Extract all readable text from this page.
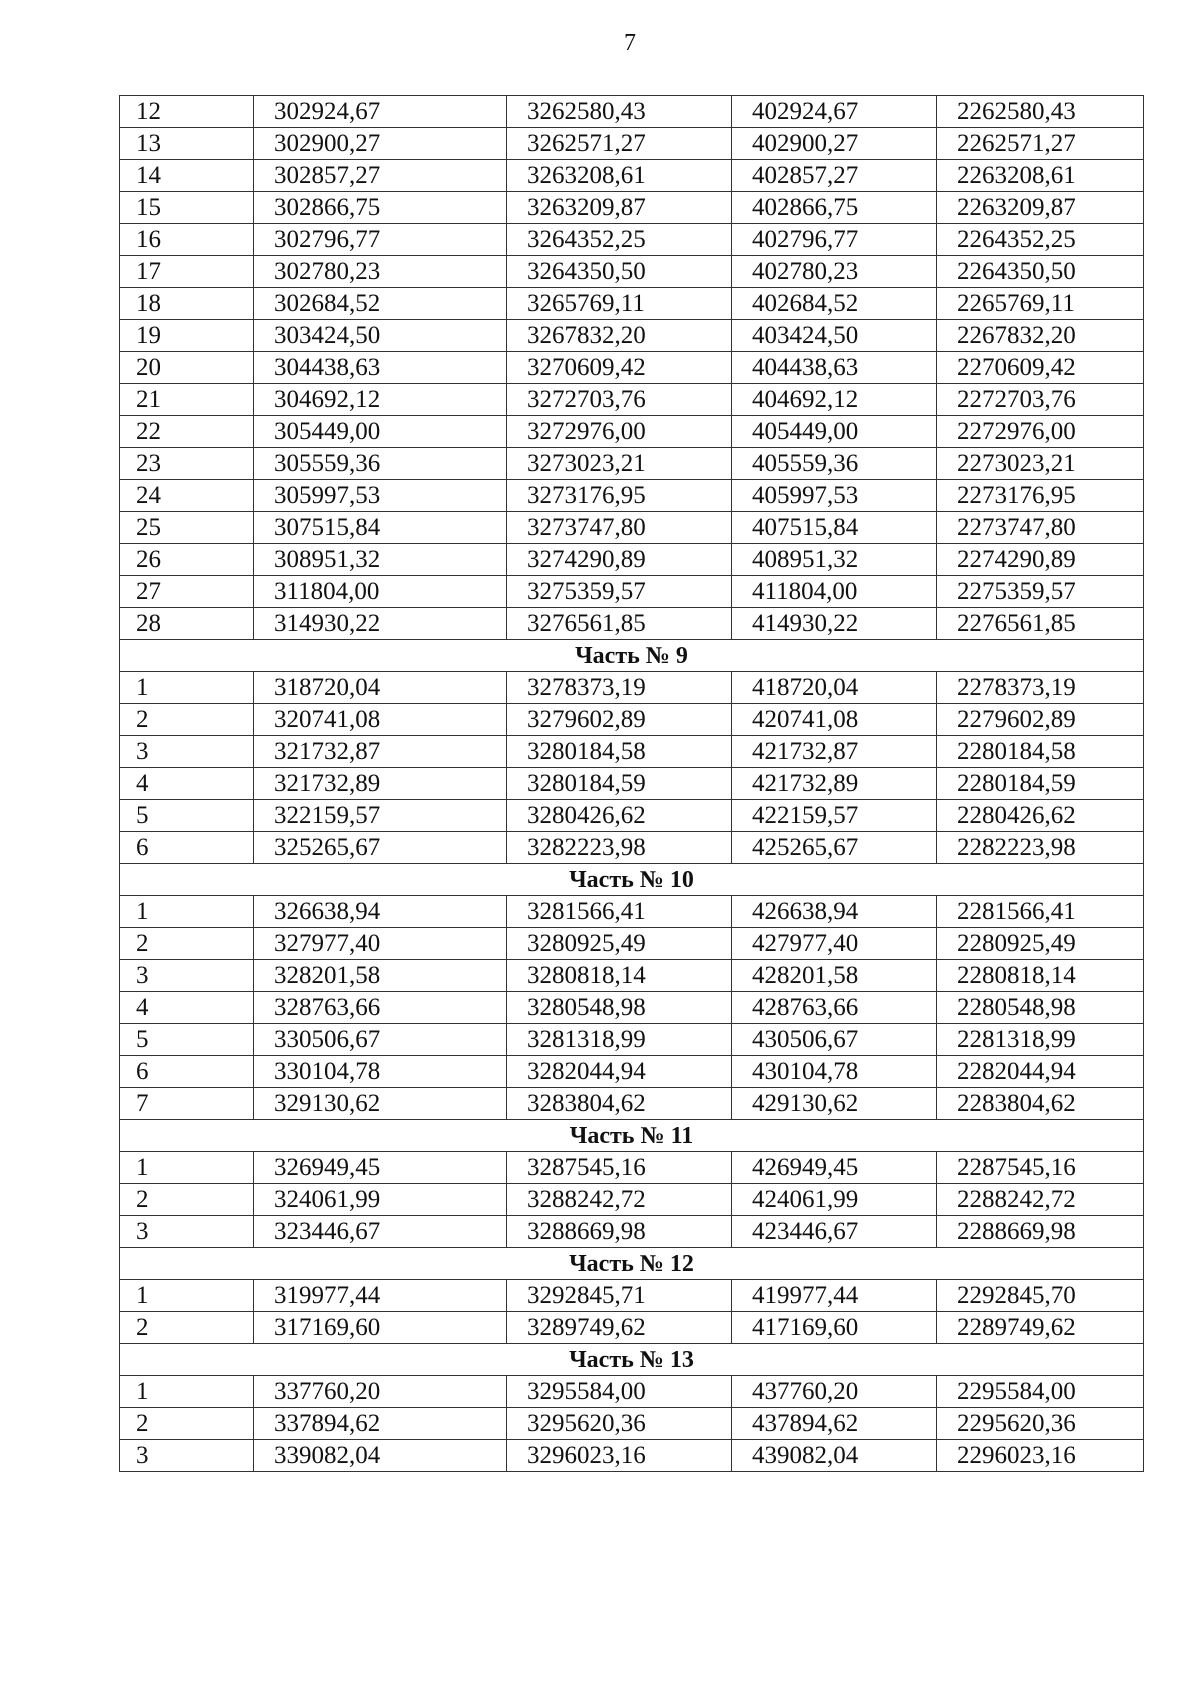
7
12	302924,67	3262580,43	402924,67	2262580,43
13	302900,27	3262571,27	402900,27	2262571,27
14	302857,27	3263208,61	402857,27	2263208,61
15	302866,75	3263209,87	402866,75	2263209,87
16	302796,77	3264352,25	402796,77	2264352,25
17	302780,23	3264350,50	402780,23	2264350,50
18	302684,52	3265769,11	402684,52	2265769,11
19	303424,50	3267832,20	403424,50	2267832,20
20	304438,63	3270609,42	404438,63	2270609,42
21	304692,12	3272703,76	404692,12	2272703,76
22	305449,00	3272976,00	405449,00	2272976,00
23	305559,36	3273023,21	405559,36	2273023,21
24	305997,53	3273176,95	405997,53	2273176,95
25	307515,84	3273747,80	407515,84	2273747,80
26	308951,32	3274290,89	408951,32	2274290,89
27	311804,00	3275359,57	411804,00	2275359,57
28	314930,22	3276561,85	414930,22	2276561,85
Часть № 9				
1	318720,04	3278373,19	418720,04	2278373,19
2	320741,08	3279602,89	420741,08	2279602,89
3	321732,87	3280184,58	421732,87	2280184,58
4	321732,89	3280184,59	421732,89	2280184,59
5	322159,57	3280426,62	422159,57	2280426,62
6	325265,67	3282223,98	425265,67	2282223,98
Часть № 10				
1	326638,94	3281566,41	426638,94	2281566,41
2	327977,40	3280925,49	427977,40	2280925,49
3	328201,58	3280818,14	428201,58	2280818,14
4	328763,66	3280548,98	428763,66	2280548,98
5	330506,67	3281318,99	430506,67	2281318,99
6	330104,78	3282044,94	430104,78	2282044,94
7	329130,62	3283804,62	429130,62	2283804,62
Часть № 11				
1	326949,45	3287545,16	426949,45	2287545,16
2	324061,99	3288242,72	424061,99	2288242,72
3	323446,67	3288669,98	423446,67	2288669,98
Часть № 12				
1	319977,44	3292845,71	419977,44	2292845,70
2	317169,60	3289749,62	417169,60	2289749,62
Часть № 13				
1	337760,20	3295584,00	437760,20	2295584,00
2	337894,62	3295620,36	437894,62	2295620,36
3	339082,04	3296023,16	439082,04	2296023,16
